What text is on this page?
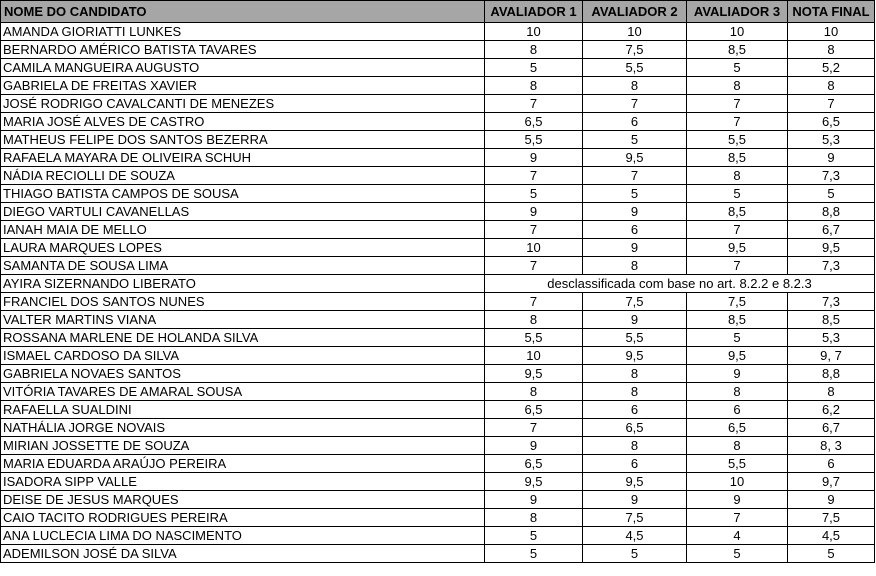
NOME DO CANDIDATO	AVALIADOR 1	AVALIADOR 2	AVALIADOR 3	NOTA FINAL
AMANDA GIORIATTI LUNKES	10	10	10	10
BERNARDO AMÉRICO BATISTA TAVARES	8	7,5	8,5	8
CAMILA MANGUEIRA AUGUSTO	5	5,5	5	5,2
GABRIELA DE FREITAS XAVIER	8	8	8	8
JOSÉ RODRIGO CAVALCANTI DE MENEZES	7	7	7	7
MARIA JOSÉ ALVES DE CASTRO	6,5	6	7	6,5
MATHEUS FELIPE DOS SANTOS BEZERRA	5,5	5	5,5	5,3
RAFAELA MAYARA DE OLIVEIRA SCHUH	9	9,5	8,5	9
NÁDIA RECIOLLI DE SOUZA	7	7	8	7,3
THIAGO BATISTA CAMPOS DE SOUSA	5	5	5	5
DIEGO VARTULI CAVANELLAS	9	9	8,5	8,8
IANAH MAIA DE MELLO	7	6	7	6,7
LAURA MARQUES LOPES	10	9	9,5	9,5
SAMANTA DE SOUSA LIMA	7	8	7	7,3
AYIRA SIZERNANDO LIBERATO	desclassificada com base no art. 8.2.2 e 8.2.3			
FRANCIEL DOS SANTOS NUNES	7	7,5	7,5	7,3
VALTER MARTINS VIANA	8	9	8,5	8,5
ROSSANA MARLENE DE HOLANDA SILVA	5,5	5,5	5	5,3
ISMAEL CARDOSO DA SILVA	10	9,5	9,5	9, 7
GABRIELA NOVAES SANTOS	9,5	8	9	8,8
VITÓRIA TAVARES DE AMARAL SOUSA	8	8	8	8
RAFAELLA SUALDINI	6,5	6	6	6,2
NATHÁLIA JORGE NOVAIS	7	6,5	6,5	6,7
MIRIAN JOSSETTE DE SOUZA	9	8	8	8, 3
MARIA EDUARDA ARAÚJO PEREIRA	6,5	6	5,5	6
ISADORA SIPP VALLE	9,5	9,5	10	9,7
DEISE DE JESUS MARQUES	9	9	9	9
CAIO TACITO RODRIGUES PEREIRA	8	7,5	7	7,5
ANA LUCLECIA LIMA DO NASCIMENTO	5	4,5	4	4,5
ADEMILSON JOSÉ DA SILVA	5	5	5	5
